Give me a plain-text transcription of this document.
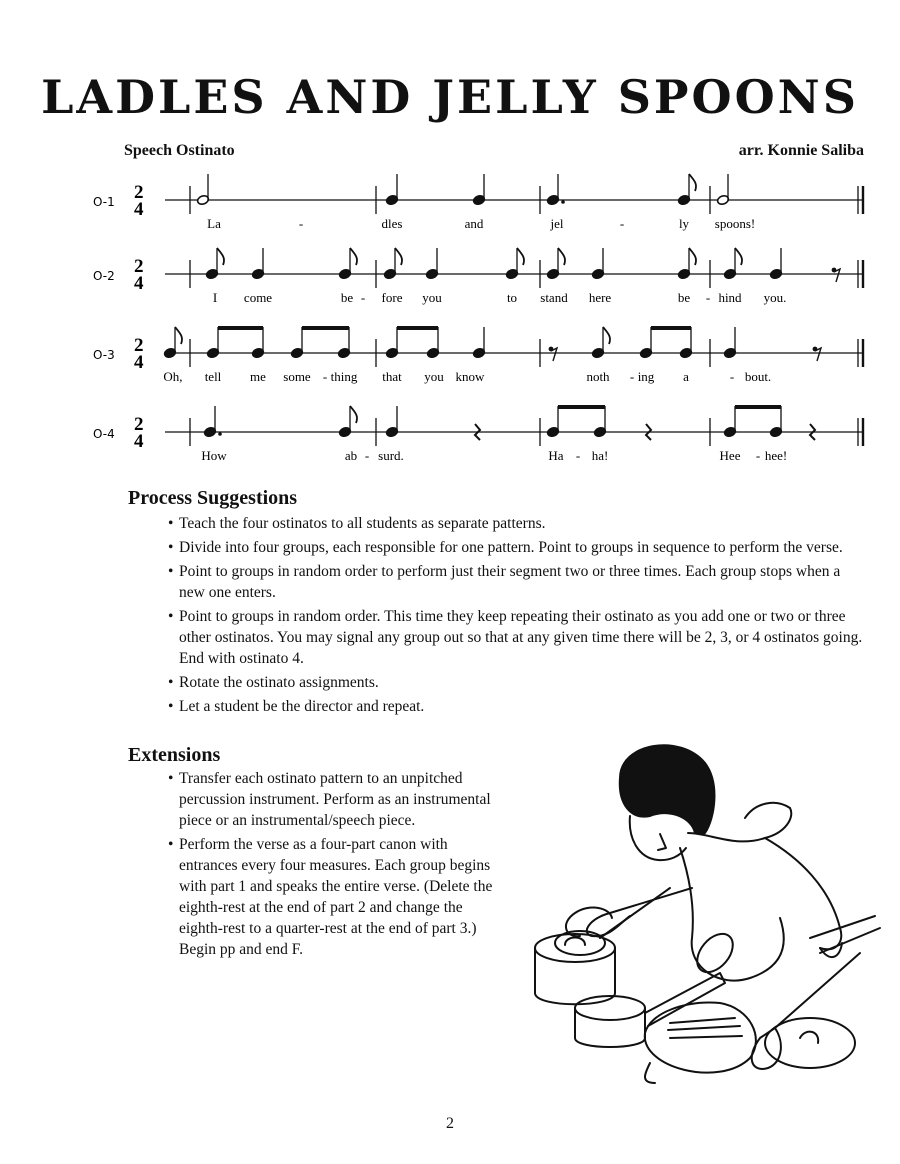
LADLES AND JELLY SPOONS
Speech Ostinato	arr. Konnie Saliba
O-1 2
4
La	-	dles	and	jel	-	ly spoons!
O-2 2
4
I come	be - fore you	to stand here	be - hind you.
O-3 2
4
Oh, tell me some - thing that you know	noth - ing a	- bout.
O-4 2
4
How	ab - surd.	Ha - ha!	Hee - hee!
Process Suggestions
• Teach the four ostinatos to all students as separate patterns.
• Divide into four groups, each responsible for one pattern. Point to groups in sequence to perform the verse.
• Point to groups in random order to perform just their segment two or three times. Each group stops when a new one enters.
• Point to groups in random order. This time they keep repeating their ostinato as you add one or two or three other ostinatos. You may signal any group out so that at any given time there will be 2, 3, or 4 ostinatos going. End with ostinato 4.
• Rotate the ostinato assignments.
• Let a student be the director and repeat.
Extensions
• Transfer each ostinato pattern to an unpitched percussion instrument. Perform as an instrumental piece or an instrumental/speech piece.
• Perform the verse as a four-part canon with entrances every four measures. Each group begins with part 1 and speaks the entire verse. (Delete the eighth-rest at the end of part 2 and change the eighth-rest to a quarter-rest at the end of part 3.) Begin pp and end F.
2
